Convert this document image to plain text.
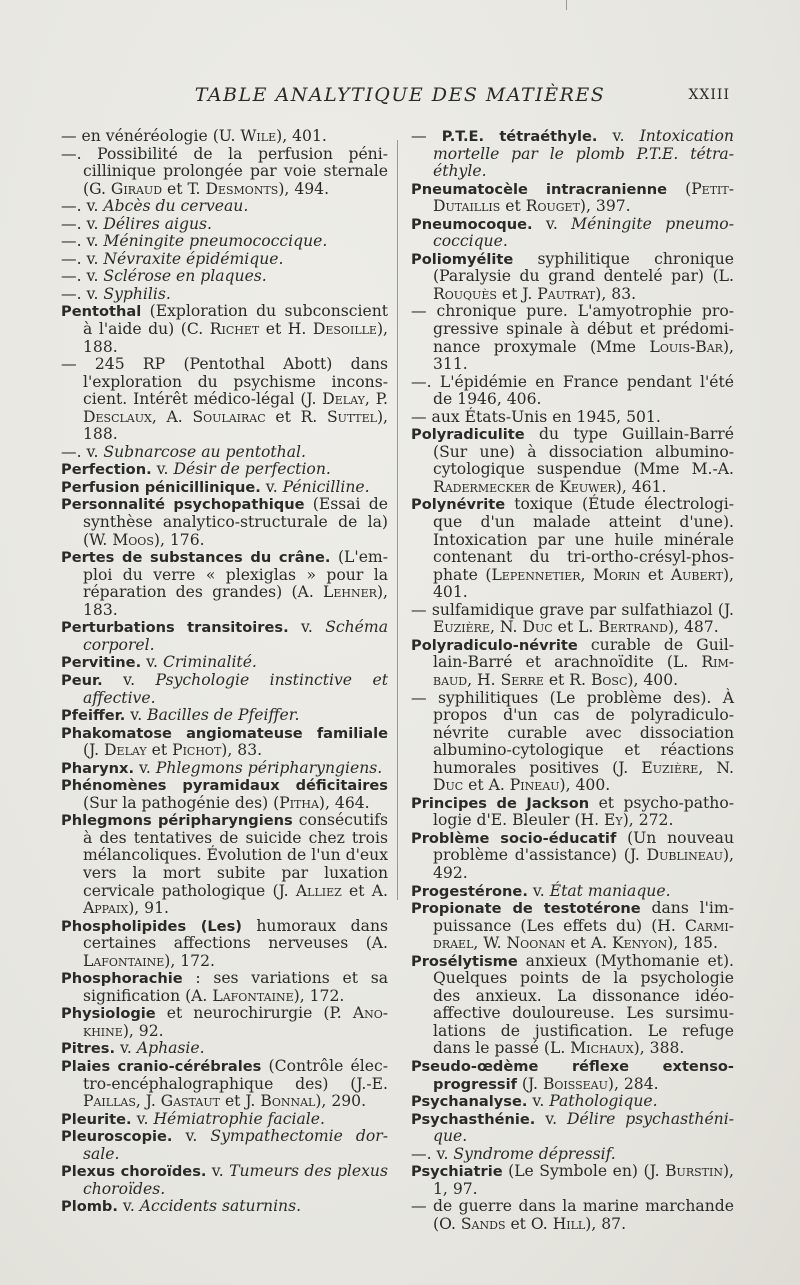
TABLE ANALYTIQUE DES MATIÈRES	XXIII

— en vénéréologie (U. Wile), 401.

—. Possibilité de la perfusion pénicillinique prolongée par voie sternale (G. Giraud et T. Desmonts), 494.

—. v. Abcès du cerveau.

—. v. Délires aigus.

—. v. Méningite pneumococcique.

—. v. Névraxite épidémique.

—. v. Sclérose en plaques.

—. v. Syphilis.

Pentothal (Exploration du subconscient à l'aide du) (C. Richet et H. Desoille), 188.

— 245 RP (Pentothal Abott) dans l'exploration du psychisme inconscient. Intérêt médico-légal (J. Delay, P. Desclaux, A. Soulairac et R. Suttel), 188.

—. v. Subnarcose au pentothal.

Perfection. v. Désir de perfection.

Perfusion pénicillinique. v. Pénicilline.

Personnalité psychopathique (Essai de synthèse analytico-structurale de la) (W. Moos), 176.

Pertes de substances du crâne. (L'emploi du verre « plexiglas » pour la réparation des grandes) (A. Lehner), 183.

Perturbations transitoires. v. Schéma corporel.

Pervitine. v. Criminalité.

Peur. v. Psychologie instinctive et affective.

Pfeiffer. v. Bacilles de Pfeiffer.

Phakomatose angiomateuse familiale (J. Delay et Pichot), 83.

Pharynx. v. Phlegmons péripharyngiens.

Phénomènes pyramidaux déficitaires (Sur la pathogénie des) (Pitha), 464.

Phlegmons péripharyngiens consécutifs à des tentatives de suicide chez trois mélancoliques. Évolution de l'un d'eux vers la mort subite par luxation cervicale pathologique (J. Alliez et A. Appaix), 91.

Phospholipides (Les) humoraux dans certaines affections nerveuses (A. Lafontaine), 172.

Phosphorachie : ses variations et sa signification (A. Lafontaine), 172.

Physiologie et neurochirurgie (P. Anokhine), 92.

Pitres. v. Aphasie.

Plaies cranio-cérébrales (Contrôle électro-encéphalographique des) (J.-E. Paillas, J. Gastaut et J. Bonnal), 290.

Pleurite. v. Hémiatrophie faciale.

Pleuroscopie. v. Sympathectomie dorsale.

Plexus choroïdes. v. Tumeurs des plexus choroïdes.

Plomb. v. Accidents saturnins.

— P.T.E. tétraéthyle. v. Intoxication mortelle par le plomb P.T.E. tétraéthyle.

Pneumatocèle intracranienne (Petit-Dutaillis et Rouget), 397.

Pneumocoque. v. Méningite pneumococcique.

Poliomyélite syphilitique chronique (Paralysie du grand dentelé par) (L. Rouquès et J. Pautrat), 83.

— chronique pure. L'amyotrophie progressive spinale à début et prédominance proxymale (Mme Louis-Bar), 311.

—. L'épidémie en France pendant l'été de 1946, 406.

— aux États-Unis en 1945, 501.

Polyradiculite du type Guillain-Barré (Sur une) à dissociation albumino-cytologique suspendue (Mme M.-A. Radermecker de Keuwer), 461.

Polynévrite toxique (Étude électrologique d'un malade atteint d'une). Intoxication par une huile minérale contenant du tri-ortho-crésyl-phosphate (Lepennetier, Morin et Aubert), 401.

— sulfamidique grave par sulfathiazol (J. Euzière, N. Duc et L. Bertrand), 487.

Polyradiculo-névrite curable de Guillain-Barré et arachnoïdite (L. Rimbaud, H. Serre et R. Bosc), 400.

— syphilitiques (Le problème des). À propos d'un cas de polyradiculonévrite curable avec dissociation albumino-cytologique et réactions humorales positives (J. Euzière, N. Duc et A. Pineau), 400.

Principes de Jackson et psycho-pathologie d'E. Bleuler (H. Ey), 272.

Problème socio-éducatif (Un nouveau problème d'assistance) (J. Dublineau), 492.

Progestérone. v. État maniaque.

Propionate de testotérone dans l'impuissance (Les effets du) (H. Carmidrael, W. Noonan et A. Kenyon), 185.

Prosélytisme anxieux (Mythomanie et). Quelques points de la psychologie des anxieux. La dissonance idéo-affective douloureuse. Les sursimulations de justification. Le refuge dans le passé (L. Michaux), 388.

Pseudo-œdème réflexe extenso-progressif (J. Boisseau), 284.

Psychanalyse. v. Pathologique.

Psychasthénie. v. Délire psychasthénique.

—. v. Syndrome dépressif.

Psychiatrie (Le Symbole en) (J. Burstin), 1, 97.

— de guerre dans la marine marchande (O. Sands et O. Hill), 87.
